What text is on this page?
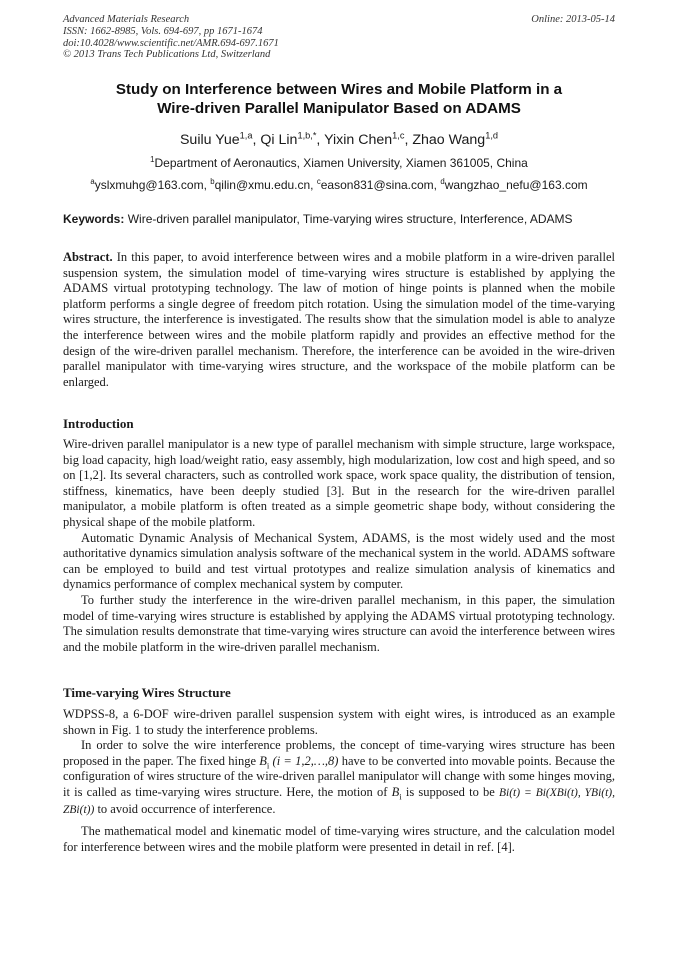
Advanced Materials Research
ISSN: 1662-8985, Vols. 694-697, pp 1671-1674
doi:10.4028/www.scientific.net/AMR.694-697.1671
© 2013 Trans Tech Publications Ltd, Switzerland
Online: 2013-05-14
Study on Interference between Wires and Mobile Platform in a
Wire-driven Parallel Manipulator Based on ADAMS
Suilu Yue$^{1,a}$, Qi Lin$^{1,b,*}$, Yixin Chen$^{1,c}$, Zhao Wang$^{1,d}$
$^1$Department of Aeronautics, Xiamen University, Xiamen 361005, China
$^a$yslxmuhg@163.com, $^b$qilin@xmu.edu.cn, $^c$eason831@sina.com, $^d$wangzhao_nefu@163.com
Keywords: Wire-driven parallel manipulator, Time-varying wires structure, Interference, ADAMS

Abstract. In this paper, to avoid interference between wires and a mobile platform in a wire-driven parallel suspension system, the simulation model of time-varying wires structure is established by applying the ADAMS virtual prototyping technology. The law of motion of hinge points is planned when the mobile platform performs a single degree of freedom pitch rotation. Using the simulation model of the time-varying wires structure, the interference is investigated. The results show that the simulation model is able to analyze the interference between wires and the mobile platform rapidly and provides an effective method for the design of the wire-driven parallel mechanism. Therefore, the interference can be avoided in the wire-driven parallel manipulator with time-varying wires structure, and the workspace of the mobile platform can be enlarged.

Introduction

Wire-driven parallel manipulator is a new type of parallel mechanism with simple structure, large workspace, big load capacity, high load/weight ratio, easy assembly, high modularization, low cost and high speed, and so on [1,2]. Its several characters, such as controlled work space, work space quality, the distribution of tension, stiffness, kinematics, have been deeply studied [3]. But in the research for the wire-driven parallel manipulator, a mobile platform is often treated as a simple geometric shape body, without considering the physical shape of the mobile platform.

Automatic Dynamic Analysis of Mechanical System, ADAMS, is the most widely used and the most authoritative dynamics simulation analysis software of the mechanical system in the world. ADAMS software can be employed to build and test virtual prototypes and realize simulation analysis of kinematics and dynamics performance of complex mechanical system by computer.

To further study the interference in the wire-driven parallel mechanism, in this paper, the simulation model of time-varying wires structure is established by applying the ADAMS virtual prototyping technology. The simulation results demonstrate that time-varying wires structure can avoid the interference between wires and the mobile platform in the wire-driven parallel mechanism.

Time-varying Wires Structure

WDPSS-8, a 6-DOF wire-driven parallel suspension system with eight wires, is introduced as an example shown in Fig. 1 to study the interference problems.

In order to solve the wire interference problems, the concept of time-varying wires structure has been proposed in the paper. The fixed hinge $B_i$ (i = 1,2,…,8) have to be converted into movable points. Because the configuration of wires structure of the wire-driven parallel manipulator will change with some hinges moving, it is called as time-varying wires structure. Here, the motion of $B_i$ is supposed to be Bi(t) = Bi(XBi(t), YBi(t), ZBi(t)) to avoid occurrence of interference.

The mathematical model and kinematic model of time-varying wires structure, and the calculation model for interference between wires and the mobile platform were presented in detail in ref. [4].
